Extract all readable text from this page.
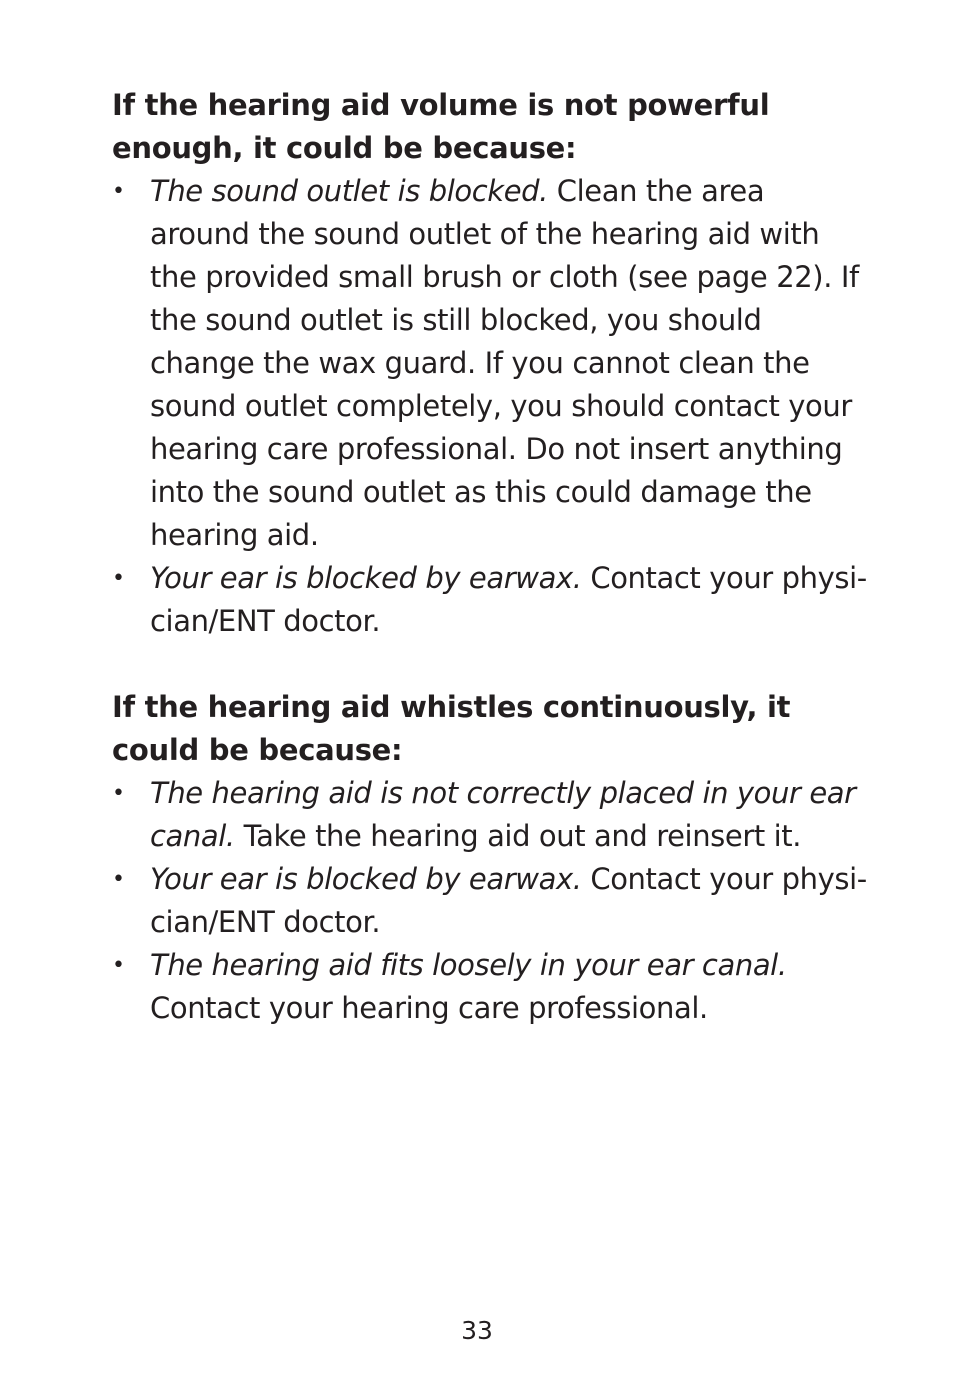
If the hearing aid volume is not powerful enough, it could be because:

• The sound outlet is blocked. Clean the area around the sound outlet of the hearing aid with the provided small brush or cloth (see page 22). If the sound outlet is still blocked, you should change the wax guard. If you cannot clean the sound outlet completely, you should contact your hearing care professional. Do not insert anything into the sound outlet as this could damage the hearing aid.
• Your ear is blocked by earwax. Contact your physician/ENT doctor.

If the hearing aid whistles continuously, it could be because:

• The hearing aid is not correctly placed in your ear canal. Take the hearing aid out and reinsert it.
• Your ear is blocked by earwax. Contact your physician/ENT doctor.
• The hearing aid fits loosely in your ear canal. Contact your hearing care professional.
33
